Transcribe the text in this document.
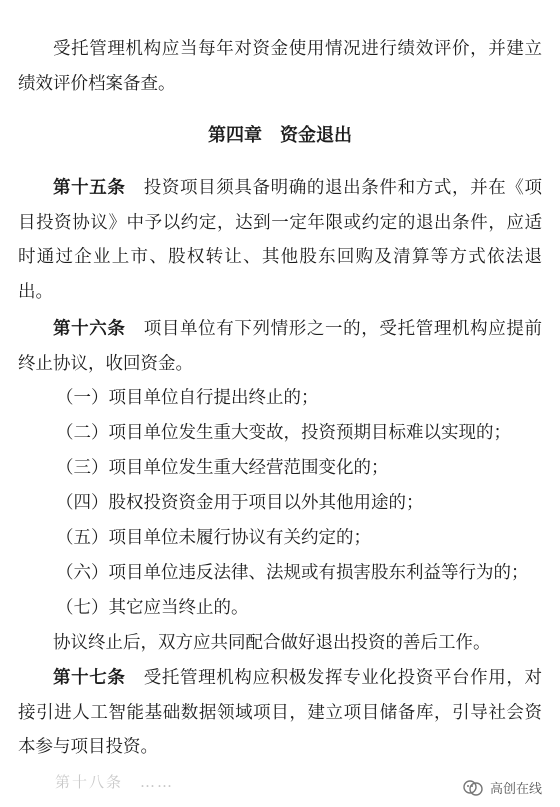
受托管理机构应当每年对资金使用情况进行绩效评价，并建立绩效评价档案备查。
第四章　资金退出
第十五条　 投资项目须具备明确的退出条件和方式，并在《项目投资协议》中予以约定，达到一定年限或约定的退出条件，应适时通过企业上市、股权转让、其他股东回购及清算等方式依法退出。
第十六条　 项目单位有下列情形之一的，受托管理机构应提前终止协议，收回资金。
（一）项目单位自行提出终止的；
（二）项目单位发生重大变故，投资预期目标难以实现的；
（三）项目单位发生重大经营范围变化的；
（四）股权投资资金用于项目以外其他用途的；
（五）项目单位未履行协议有关约定的；
（六）项目单位违反法律、法规或有损害股东利益等行为的；
（七）其它应当终止的。
协议终止后，双方应共同配合做好退出投资的善后工作。
第十七条　 受托管理机构应积极发挥专业化投资平台作用，对接引进人工智能基础数据领域项目，建立项目储备库，引导社会资本参与项目投资。
第十八条　……	高创在线
